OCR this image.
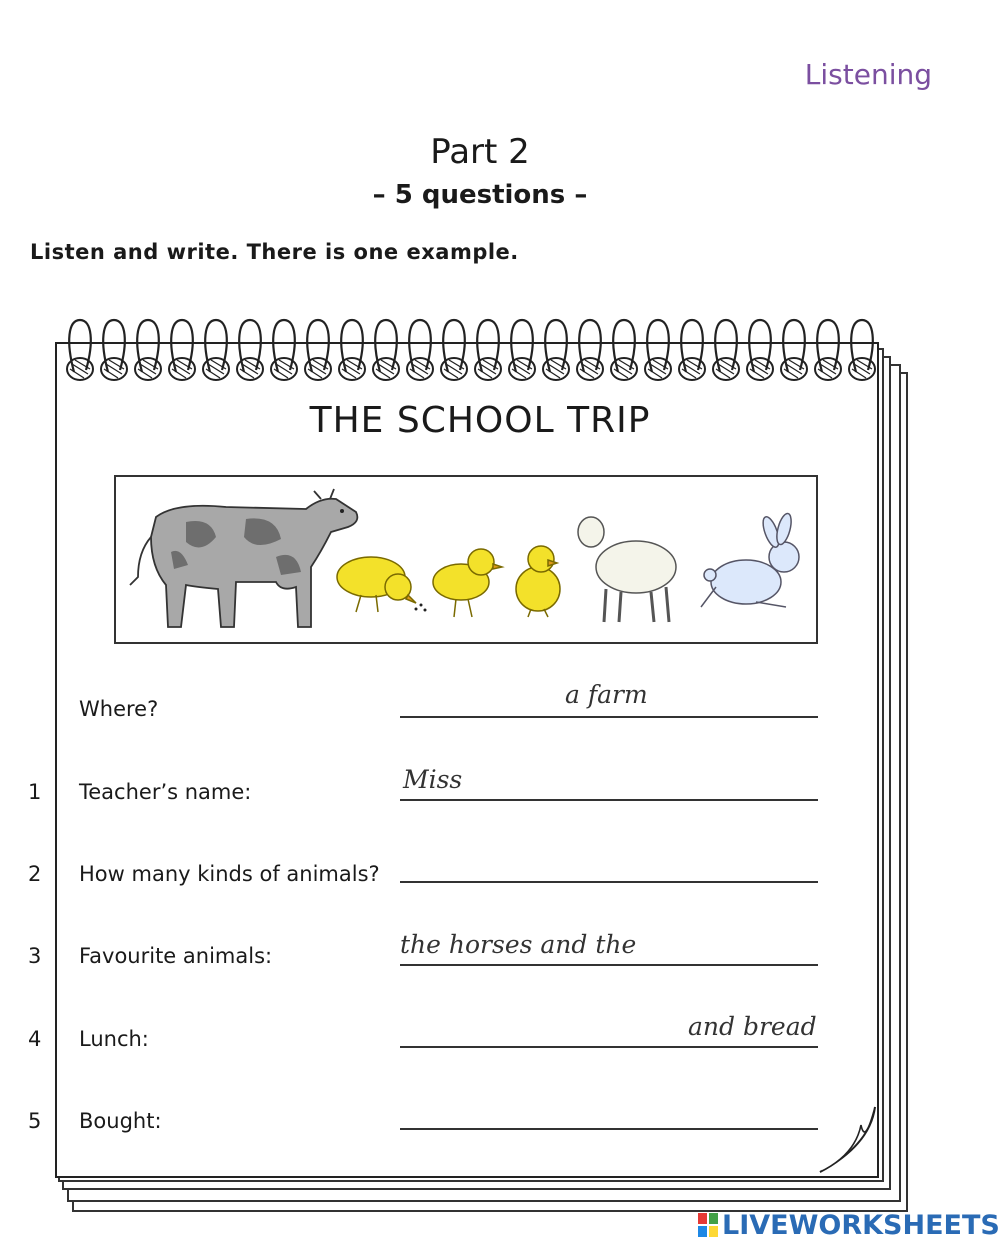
Listening
Part 2
– 5 questions –
Listen and write. There is one example.
THE SCHOOL TRIP
Where?	a farm
1 Teacher’s name:	Miss
2 How many kinds of animals?
3 Favourite animals:	the horses and the
4 Lunch:	and bread
5 Bought:
LIVEWORKSHEETS
